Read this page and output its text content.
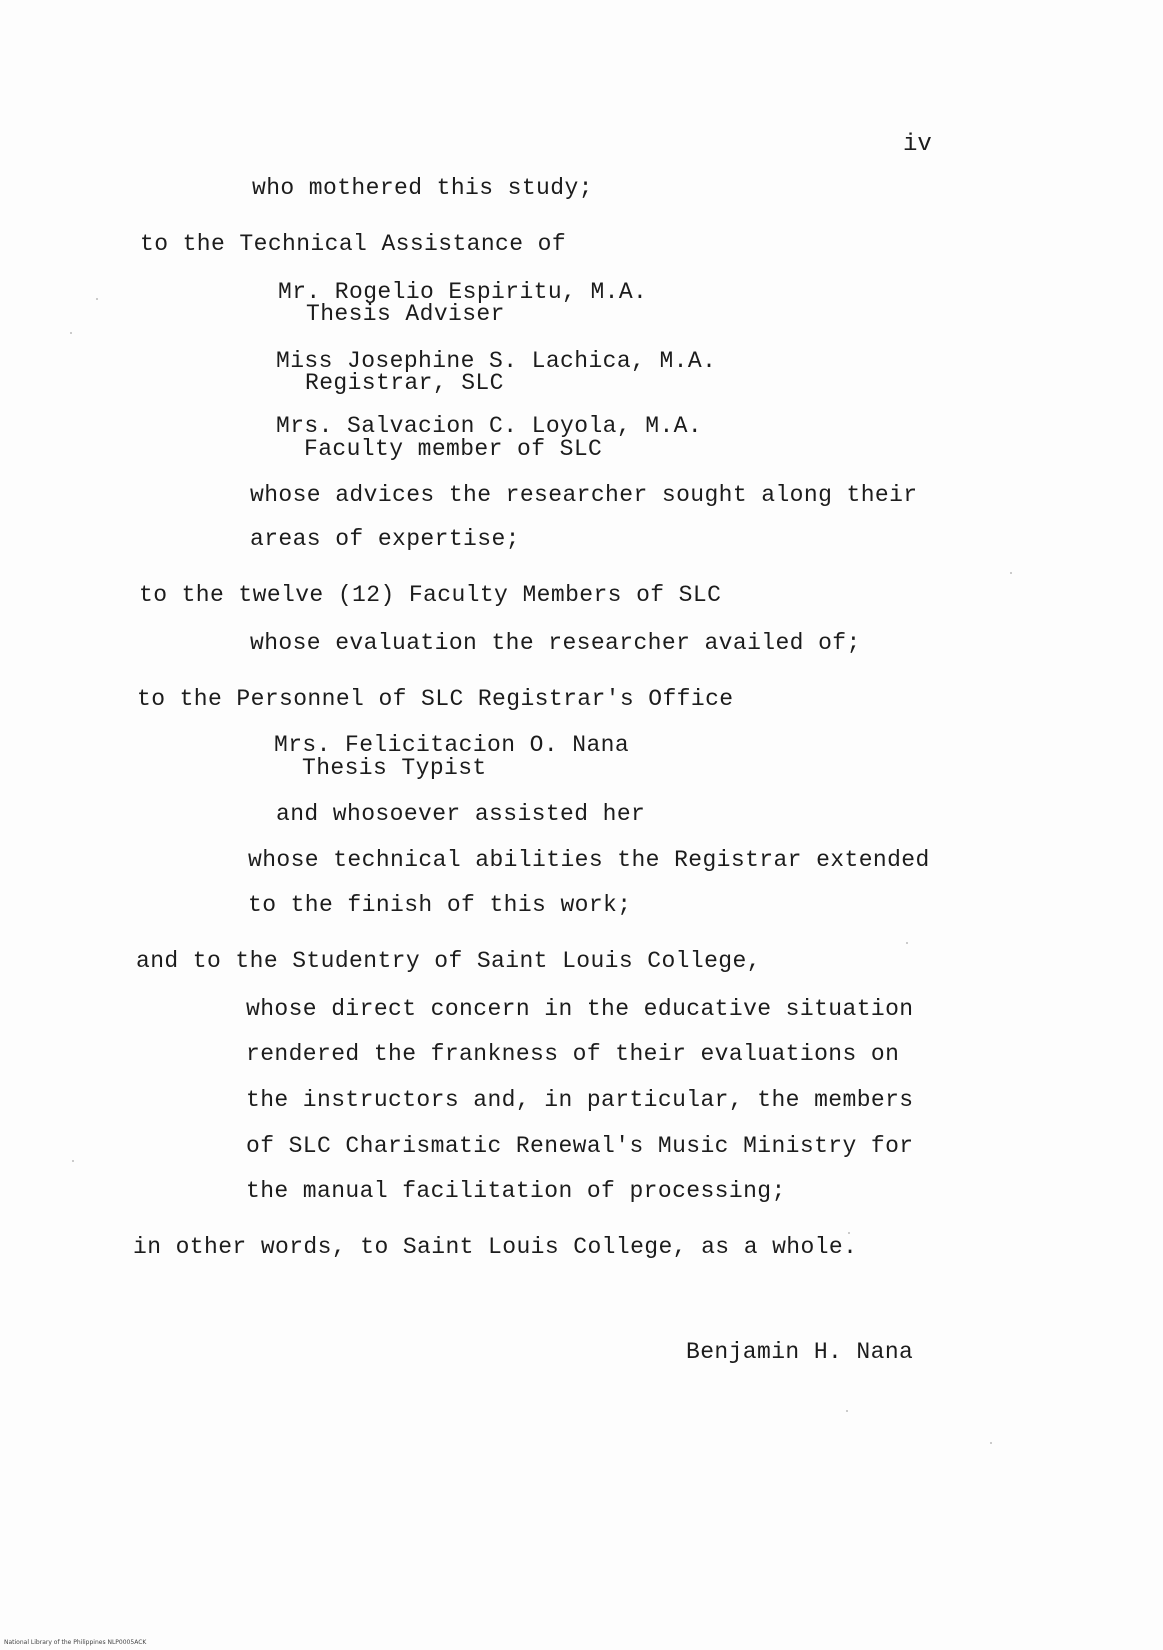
iv
who mothered this study;
to the Technical Assistance of
Mr. Rogelio Espiritu, M.A.
Thesis Adviser
Miss Josephine S. Lachica, M.A.
Registrar, SLC
Mrs. Salvacion C. Loyola, M.A.
Faculty member of SLC
whose advices the researcher sought along their
areas of expertise;
to the twelve (12) Faculty Members of SLC
whose evaluation the researcher availed of;
to the Personnel of SLC Registrar's Office
Mrs. Felicitacion O. Nana
Thesis Typist
and whosoever assisted her
whose technical abilities the Registrar extended
to the finish of this work;
and to the Studentry of Saint Louis College,
whose direct concern in the educative situation
rendered the frankness of their evaluations on
the instructors and, in particular, the members
of SLC Charismatic Renewal's Music Ministry for
the manual facilitation of processing;
in other words, to Saint Louis College, as a whole.
Benjamin H. Nana
National Library of the Philippines NLP0005ACK
